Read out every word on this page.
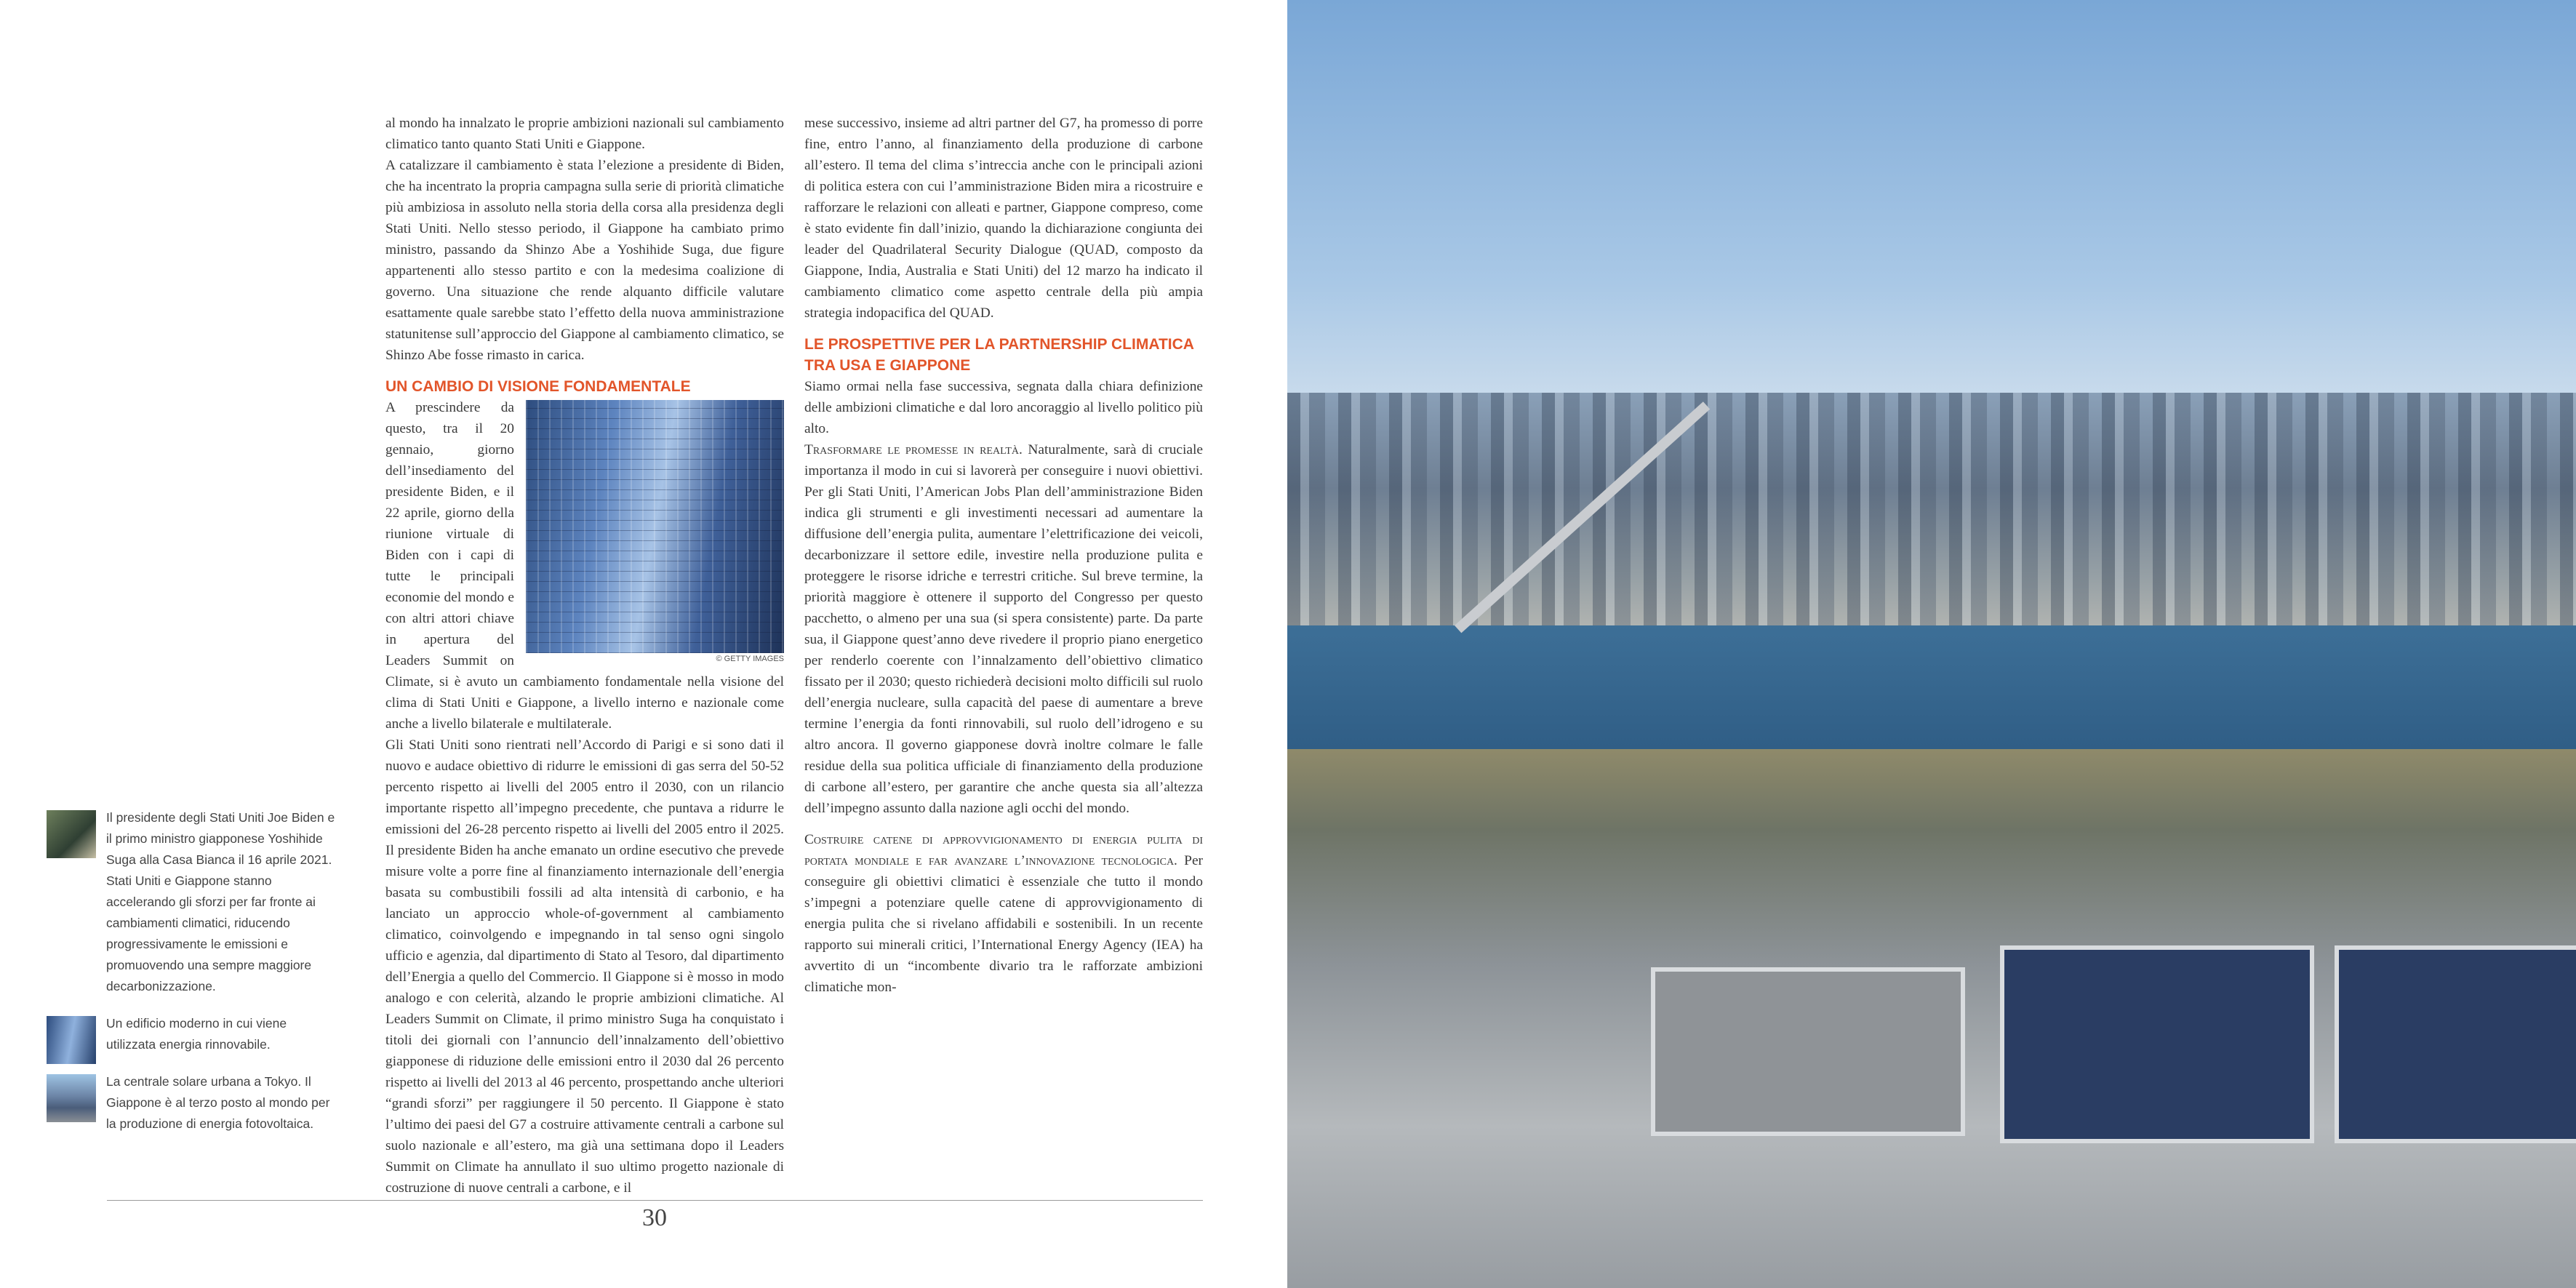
al mondo ha innalzato le proprie ambizioni nazionali sul cambiamento climatico tanto quanto Stati Uniti e Giappone.

A catalizzare il cambiamento è stata l’elezione a presidente di Biden, che ha incentrato la propria campagna sulla serie di priorità climatiche più ambiziosa in assoluto nella storia della corsa alla presidenza degli Stati Uniti. Nello stesso periodo, il Giappone ha cambiato primo ministro, passando da Shinzo Abe a Yoshihide Suga, due figure appartenenti allo stesso partito e con la medesima coalizione di governo. Una situazione che rende alquanto difficile valutare esattamente quale sarebbe stato l’effetto della nuova amministrazione statunitense sull’approccio del Giappone al cambiamento climatico, se Shinzo Abe fosse rimasto in carica.

UN CAMBIO DI VISIONE FONDAMENTALE
© GETTY IMAGES

A prescindere da questo, tra il 20 gennaio, giorno dell’insediamento del presidente Biden, e il 22 aprile, giorno della riunione virtuale di Biden con i capi di tutte le principali economie del mondo e con altri attori chiave in apertura del Leaders Summit on Climate, si è avuto un cambiamento fondamentale nella visione del clima di Stati Uniti e Giappone, a livello interno e nazionale come anche a livello bilaterale e multilaterale.

Gli Stati Uniti sono rientrati nell’Accordo di Parigi e si sono dati il nuovo e audace obiettivo di ridurre le emissioni di gas serra del 50-52 percento rispetto ai livelli del 2005 entro il 2030, con un rilancio importante rispetto all’impegno precedente, che puntava a ridurre le emissioni del 26-28 percento rispetto ai livelli del 2005 entro il 2025. Il presidente Biden ha anche emanato un ordine esecutivo che prevede misure volte a porre fine al finanziamento internazionale dell’energia basata su combustibili fossili ad alta intensità di carbonio, e ha lanciato un approccio whole-of-government al cambiamento climatico, coinvolgendo e impegnando in tal senso ogni singolo ufficio e agenzia, dal dipartimento di Stato al Tesoro, dal dipartimento dell’Energia a quello del Commercio. Il Giappone si è mosso in modo analogo e con celerità, alzando le proprie ambizioni climatiche. Al Leaders Summit on Climate, il primo ministro Suga ha conquistato i titoli dei giornali con l’annuncio dell’innalzamento dell’obiettivo giapponese di riduzione delle emissioni entro il 2030 dal 26 percento rispetto ai livelli del 2013 al 46 percento, prospettando anche ulteriori “grandi sforzi” per raggiungere il 50 percento. Il Giappone è stato l’ultimo dei paesi del G7 a costruire attivamente centrali a carbone sul suolo nazionale e all’estero, ma già una settimana dopo il Leaders Summit on Climate ha annullato il suo ultimo progetto nazionale di costruzione di nuove centrali a carbone, e il

mese successivo, insieme ad altri partner del G7, ha promesso di porre fine, entro l’anno, al finanziamento della produzione di carbone all’estero. Il tema del clima s’intreccia anche con le principali azioni di politica estera con cui l’amministrazione Biden mira a ricostruire e rafforzare le relazioni con alleati e partner, Giappone compreso, come è stato evidente fin dall’inizio, quando la dichiarazione congiunta dei leader del Quadrilateral Security Dialogue (QUAD, composto da Giappone, India, Australia e Stati Uniti) del 12 marzo ha indicato il cambiamento climatico come aspetto centrale della più ampia strategia indopacifica del QUAD.

LE PROSPETTIVE PER LA PARTNERSHIP CLIMATICA TRA USA E GIAPPONE

Siamo ormai nella fase successiva, segnata dalla chiara definizione delle ambizioni climatiche e dal loro ancoraggio al livello politico più alto.

Trasformare le promesse in realtà. Naturalmente, sarà di cruciale importanza il modo in cui si lavorerà per conseguire i nuovi obiettivi. Per gli Stati Uniti, l’American Jobs Plan dell’amministrazione Biden indica gli strumenti e gli investimenti necessari ad aumentare la diffusione dell’energia pulita, aumentare l’elettrificazione dei veicoli, decarbonizzare il settore edile, investire nella produzione pulita e proteggere le risorse idriche e terrestri critiche. Sul breve termine, la priorità maggiore è ottenere il supporto del Congresso per questo pacchetto, o almeno per una sua (si spera consistente) parte. Da parte sua, il Giappone quest’anno deve rivedere il proprio piano energetico per renderlo coerente con l’innalzamento dell’obiettivo climatico fissato per il 2030; questo richiederà decisioni molto difficili sul ruolo dell’energia nucleare, sulla capacità del paese di aumentare a breve termine l’energia da fonti rinnovabili, sul ruolo dell’idrogeno e su altro ancora. Il governo giapponese dovrà inoltre colmare le falle residue della sua politica ufficiale di finanziamento della produzione di carbone all’estero, per garantire che anche questa sia all’altezza dell’impegno assunto dalla nazione agli occhi del mondo.

Costruire catene di approvvigionamento di energia pulita di portata mondiale e far avanzare l’innovazione tecnologica. Per conseguire gli obiettivi climatici è essenziale che tutto il mondo s’impegni a potenziare quelle catene di approvvigionamento di energia pulita che si rivelano affidabili e sostenibili. In un recente rapporto sui minerali critici, l’International Energy Agency (IEA) ha avvertito di un “incombente divario tra le rafforzate ambizioni climatiche mon-

Il presidente degli Stati Uniti Joe Biden e il primo ministro giapponese Yoshihide Suga alla Casa Bianca il 16 aprile 2021. Stati Uniti e Giappone stanno accelerando gli sforzi per far fronte ai cambiamenti climatici, riducendo progressivamente le emissioni e promuovendo una sempre maggiore decarbonizzazione.
Un edificio moderno in cui viene utilizzata energia rinnovabile.
La centrale solare urbana a Tokyo. Il Giappone è al terzo posto al mondo per la produzione di energia fotovoltaica.
30
